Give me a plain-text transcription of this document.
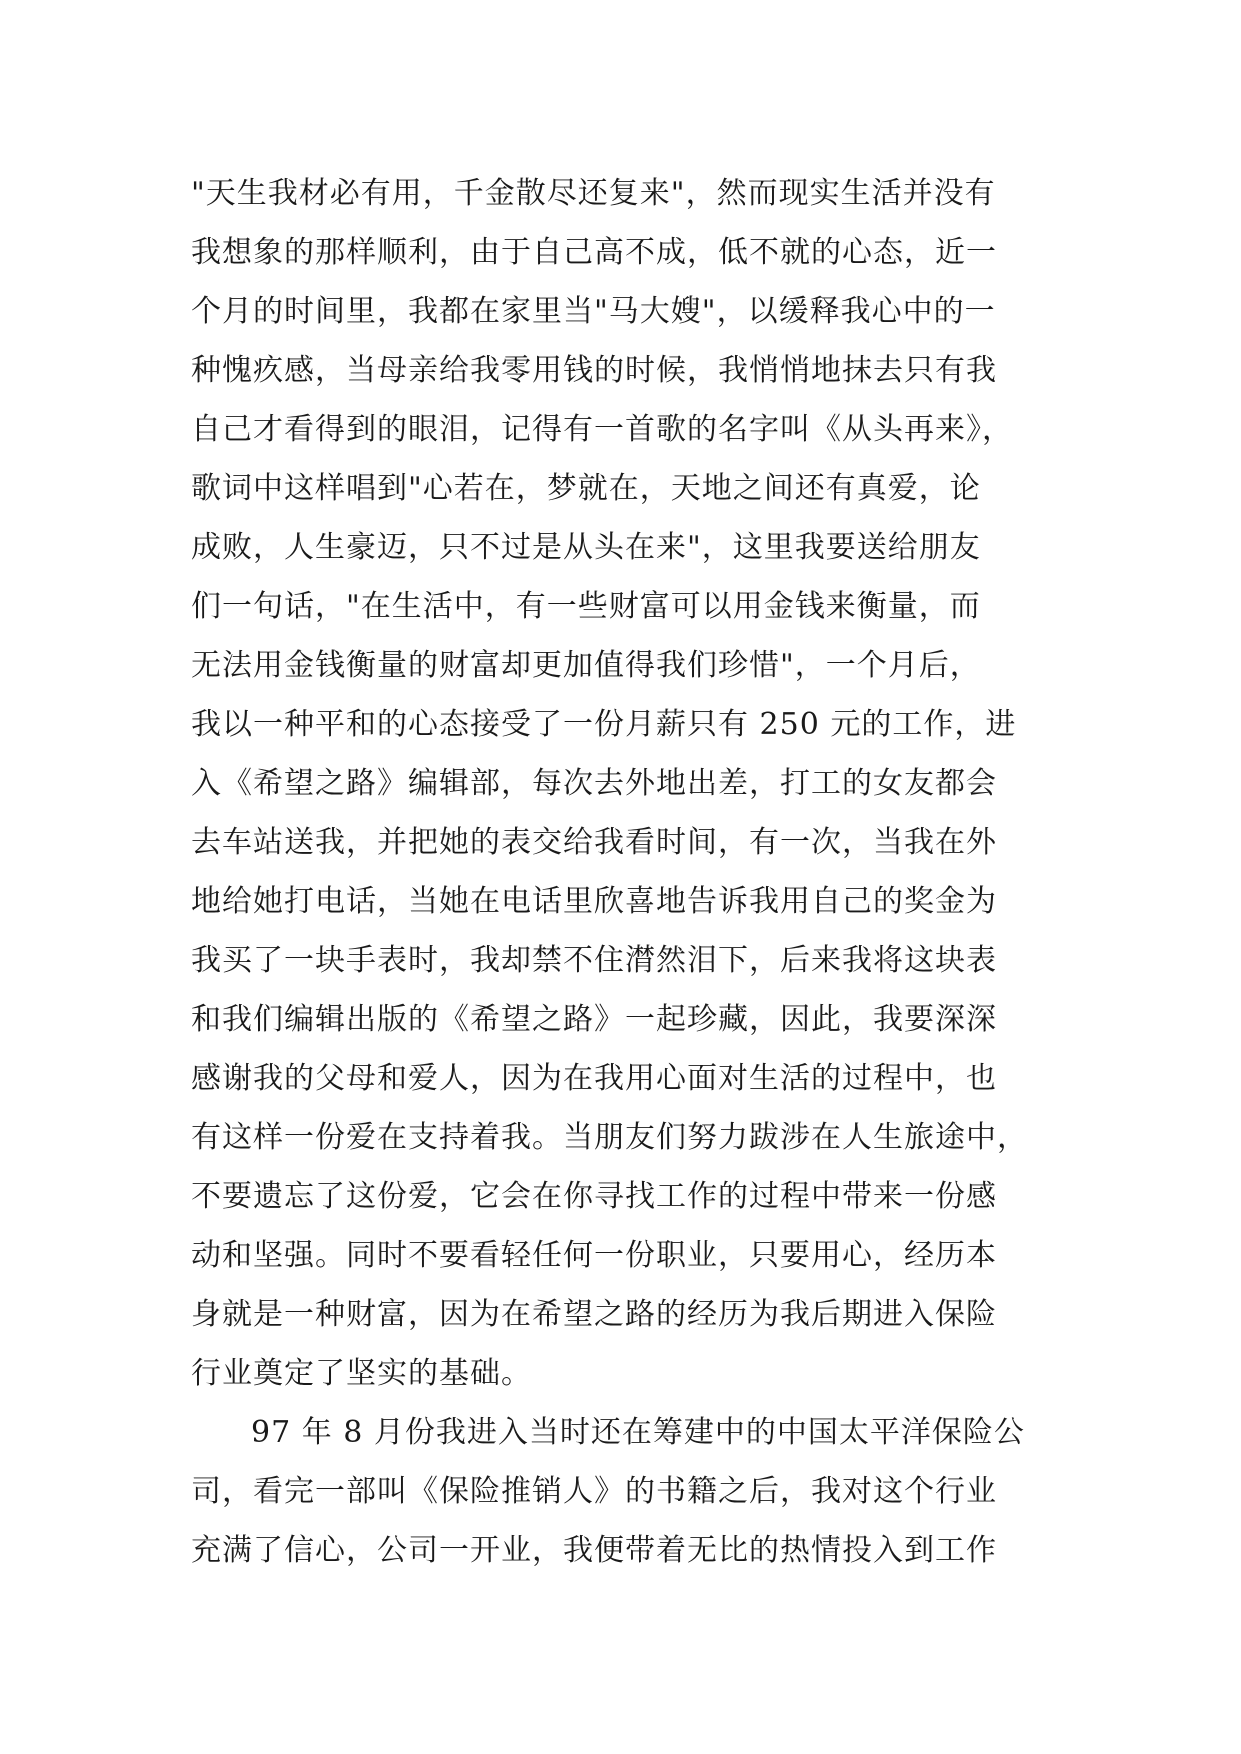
"天生我材必有用，千金散尽还复来"，然而现实生活并没有
我想象的那样顺利，由于自己高不成，低不就的心态，近一
个月的时间里，我都在家里当"马大嫂"，以缓释我心中的一
种愧疚感，当母亲给我零用钱的时候，我悄悄地抹去只有我
自己才看得到的眼泪，记得有一首歌的名字叫《从头再来》，
歌词中这样唱到"心若在，梦就在，天地之间还有真爱，论
成败，人生豪迈，只不过是从头在来"，这里我要送给朋友
们一句话，"在生活中，有一些财富可以用金钱来衡量，而
无法用金钱衡量的财富却更加值得我们珍惜"，一个月后，
我以一种平和的心态接受了一份月薪只有 250 元的工作，进
入《希望之路》编辑部，每次去外地出差，打工的女友都会
去车站送我，并把她的表交给我看时间，有一次，当我在外
地给她打电话，当她在电话里欣喜地告诉我用自己的奖金为
我买了一块手表时，我却禁不住潸然泪下，后来我将这块表
和我们编辑出版的《希望之路》一起珍藏，因此，我要深深
感谢我的父母和爱人，因为在我用心面对生活的过程中，也
有这样一份爱在支持着我。当朋友们努力跋涉在人生旅途中，
不要遗忘了这份爱，它会在你寻找工作的过程中带来一份感
动和坚强。同时不要看轻任何一份职业，只要用心，经历本
身就是一种财富，因为在希望之路的经历为我后期进入保险
行业奠定了坚实的基础。
97 年 8 月份我进入当时还在筹建中的中国太平洋保险公
司，看完一部叫《保险推销人》的书籍之后，我对这个行业
充满了信心，公司一开业，我便带着无比的热情投入到工作
